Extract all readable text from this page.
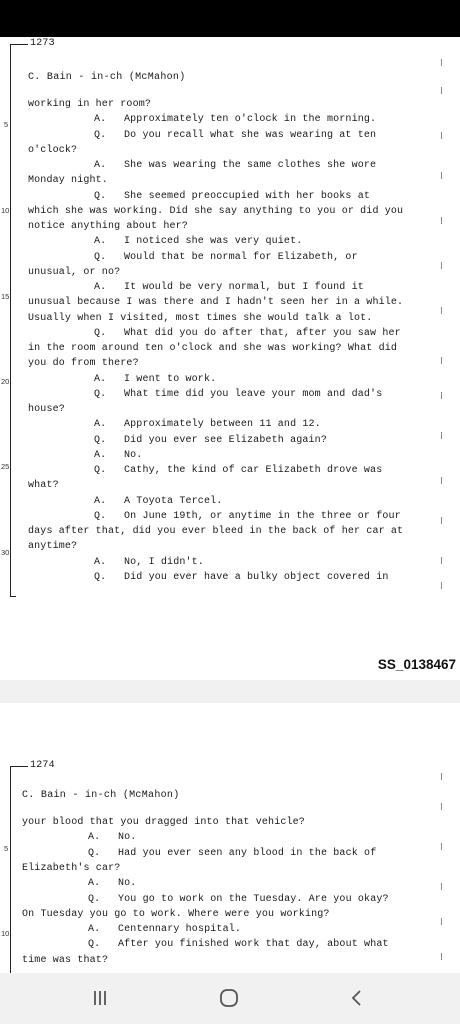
1273
C. Bain - in-ch (McMahon)
working in her room?
A. Approximately ten o'clock in the morning.
Q. Do you recall what she was wearing at ten
o'clock?
A. She was wearing the same clothes she wore
Monday night.
Q. She seemed preoccupied with her books at
which she was working. Did she say anything to you or did you
notice anything about her?
A. I noticed she was very quiet.
Q. Would that be normal for Elizabeth, or
unusual, or no?
A. It would be very normal, but I found it
unusual because I was there and I hadn't seen her in a while.
Usually when I visited, most times she would talk a lot.
Q. What did you do after that, after you saw her
in the room around ten o'clock and she was working? What did
you do from there?
A. I went to work.
Q. What time did you leave your mom and dad's
house?
A. Approximately between 11 and 12.
Q. Did you ever see Elizabeth again?
A. No.
Q. Cathy, the kind of car Elizabeth drove was
what?
A. A Toyota Tercel.
Q. On June 19th, or anytime in the three or four
days after that, did you ever bleed in the back of her car at
anytime?
A. No, I didn't.
Q. Did you ever have a bulky object covered in
5
10
15
20
25
30
SS_0138467
1274
C. Bain - in-ch (McMahon)
your blood that you dragged into that vehicle?
A. No.
Q. Had you ever seen any blood in the back of
Elizabeth's car?
A. No.
Q. You go to work on the Tuesday. Are you okay?
On Tuesday you go to work. Where were you working?
A. Centennary hospital.
Q. After you finished work that day, about what
time was that?
5
10
